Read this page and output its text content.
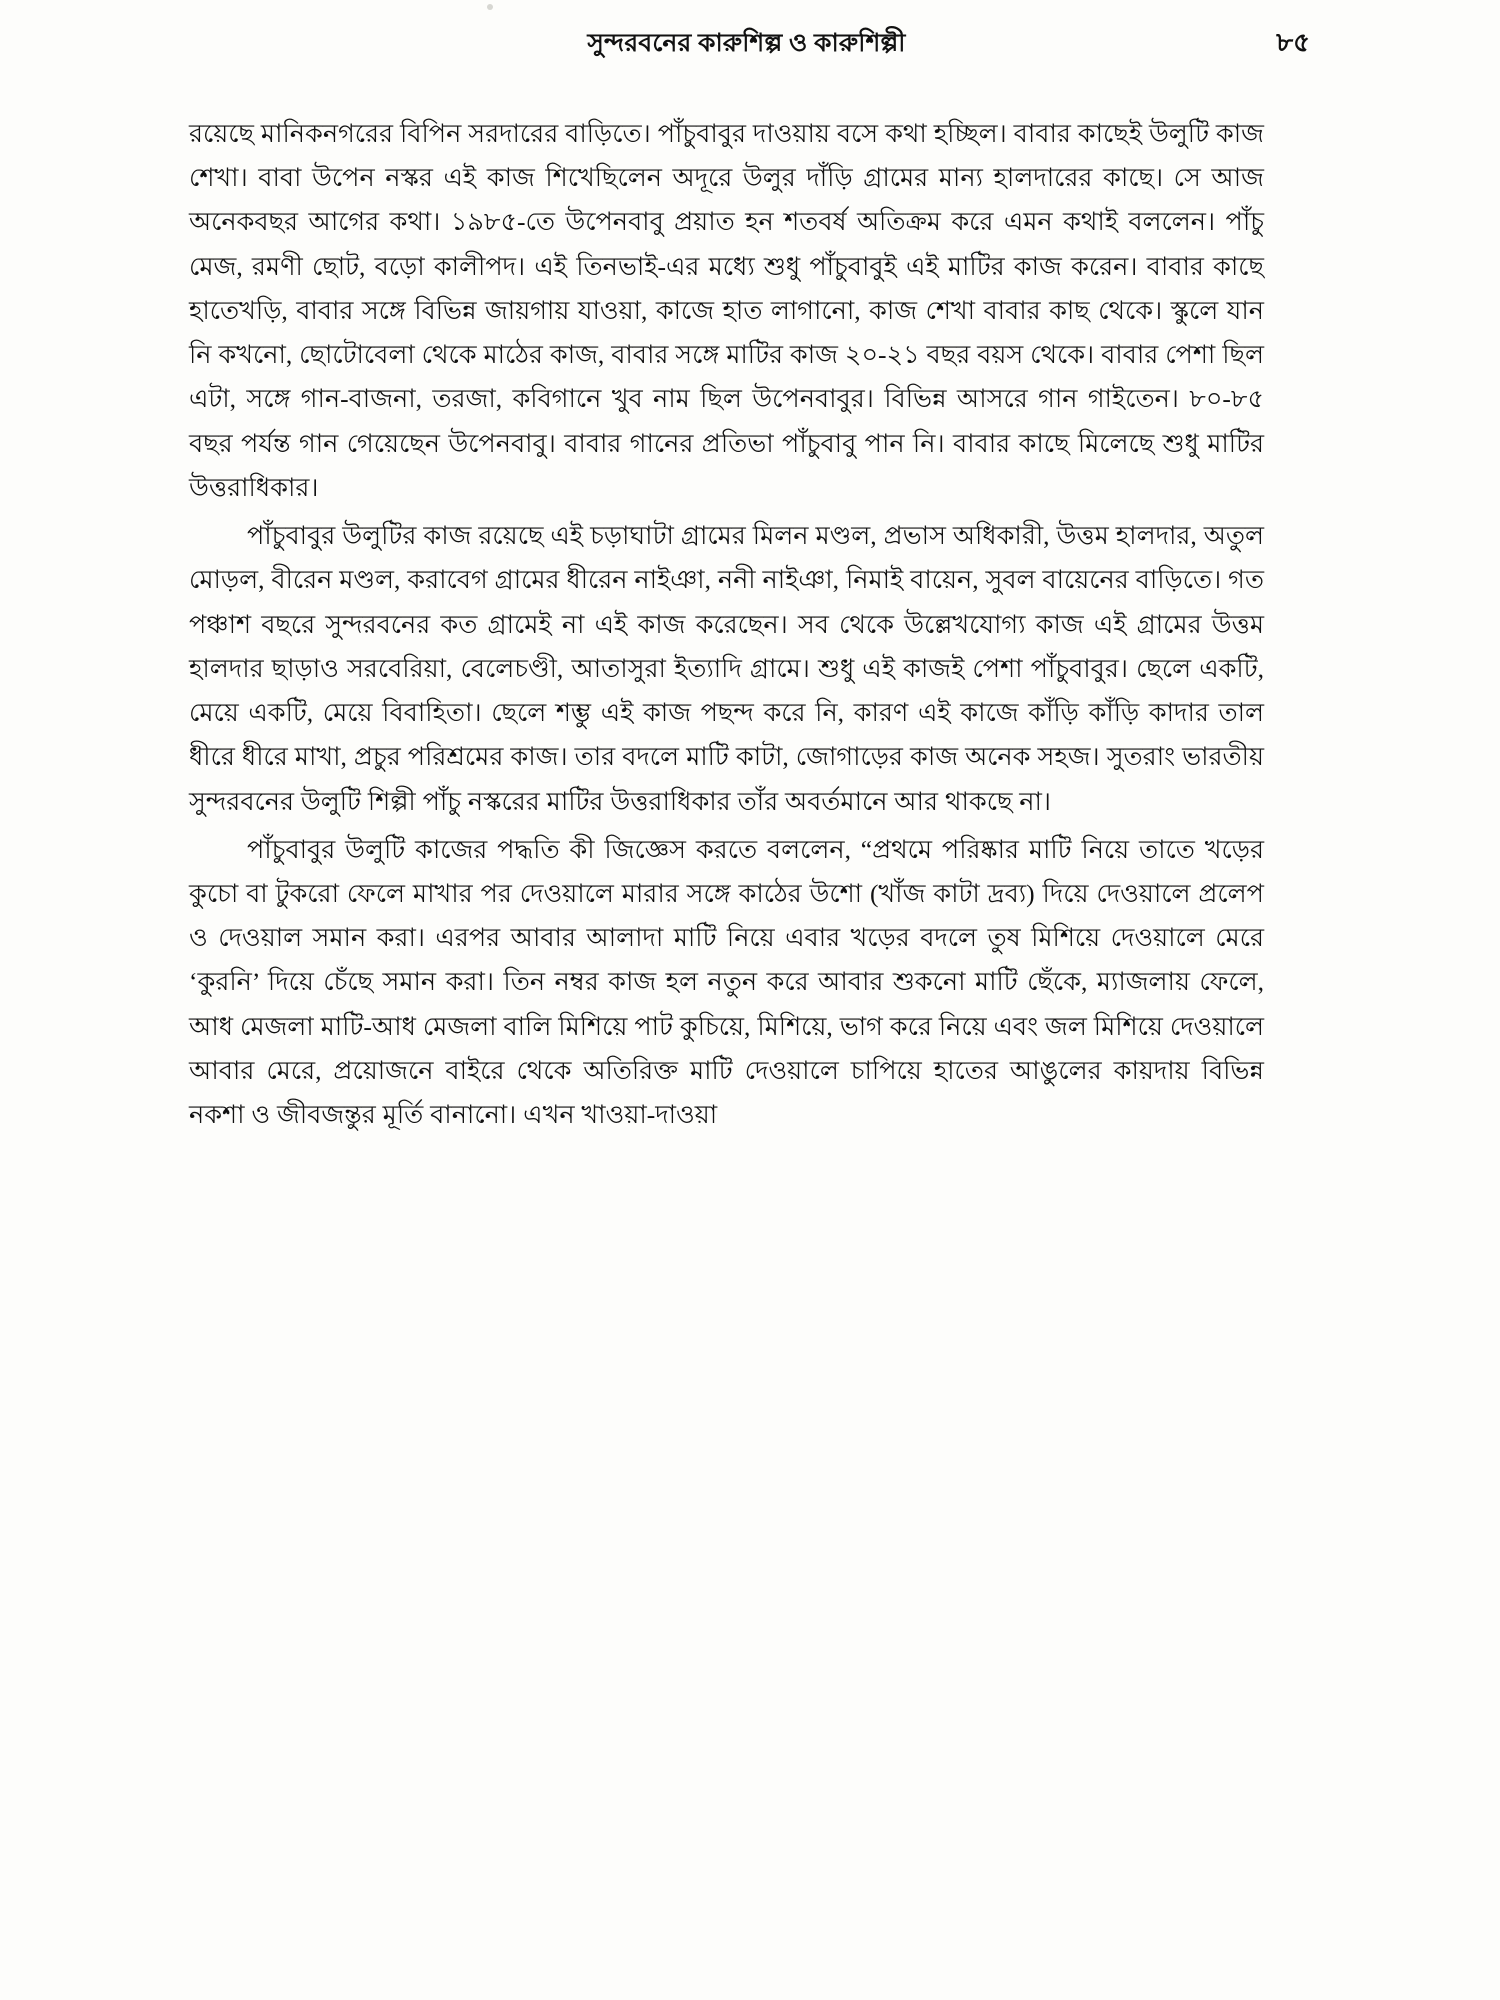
সুন্দরবনের কারুশিল্প ও কারুশিল্পী	৮৫

রয়েছে মানিকনগরের বিপিন সরদারের বাড়িতে। পাঁচুবাবুর দাওয়ায় বসে কথা হচ্ছিল। বাবার কাছেই উলুটি কাজ শেখা। বাবা উপেন নস্কর এই কাজ শিখেছিলেন অদূরে উলুর দাঁড়ি গ্রামের মান্য হালদারের কাছে। সে আজ অনেকবছর আগের কথা। ১৯৮৫-তে উপেনবাবু প্রয়াত হন শতবর্ষ অতিক্রম করে এমন কথাই বললেন। পাঁচু মেজ, রমণী ছোট, বড়ো কালীপদ। এই তিনভাই-এর মধ্যে শুধু পাঁচুবাবুই এই মাটির কাজ করেন। বাবার কাছে হাতেখড়ি, বাবার সঙ্গে বিভিন্ন জায়গায় যাওয়া, কাজে হাত লাগানো, কাজ শেখা বাবার কাছ থেকে। স্কুলে যান নি কখনো, ছোটোবেলা থেকে মাঠের কাজ, বাবার সঙ্গে মাটির কাজ ২০-২১ বছর বয়স থেকে। বাবার পেশা ছিল এটা, সঙ্গে গান-বাজনা, তরজা, কবিগানে খুব নাম ছিল উপেনবাবুর। বিভিন্ন আসরে গান গাইতেন। ৮০-৮৫ বছর পর্যন্ত গান গেয়েছেন উপেনবাবু। বাবার গানের প্রতিভা পাঁচুবাবু পান নি। বাবার কাছে মিলেছে শুধু মাটির উত্তরাধিকার।

পাঁচুবাবুর উলুটির কাজ রয়েছে এই চড়াঘাটা গ্রামের মিলন মণ্ডল, প্রভাস অধিকারী, উত্তম হালদার, অতুল মোড়ল, বীরেন মণ্ডল, করাবেগ গ্রামের ধীরেন নাইঞা, ননী নাইঞা, নিমাই বায়েন, সুবল বায়েনের বাড়িতে। গত পঞ্চাশ বছরে সুন্দরবনের কত গ্রামেই না এই কাজ করেছেন। সব থেকে উল্লেখযোগ্য কাজ এই গ্রামের উত্তম হালদার ছাড়াও সরবেরিয়া, বেলেচণ্ডী, আতাসুরা ইত্যাদি গ্রামে। শুধু এই কাজই পেশা পাঁচুবাবুর। ছেলে একটি, মেয়ে একটি, মেয়ে বিবাহিতা। ছেলে শম্ভু এই কাজ পছন্দ করে নি, কারণ এই কাজে কাঁড়ি কাঁড়ি কাদার তাল ধীরে ধীরে মাখা, প্রচুর পরিশ্রমের কাজ। তার বদলে মাটি কাটা, জোগাড়ের কাজ অনেক সহজ। সুতরাং ভারতীয় সুন্দরবনের উলুটি শিল্পী পাঁচু নস্করের মাটির উত্তরাধিকার তাঁর অবর্তমানে আর থাকছে না।

পাঁচুবাবুর উলুটি কাজের পদ্ধতি কী জিজ্ঞেস করতে বললেন, “প্রথমে পরিষ্কার মাটি নিয়ে তাতে খড়ের কুচো বা টুকরো ফেলে মাখার পর দেওয়ালে মারার সঙ্গে কাঠের উশো (খাঁজ কাটা দ্রব্য) দিয়ে দেওয়ালে প্রলেপ ও দেওয়াল সমান করা। এরপর আবার আলাদা মাটি নিয়ে এবার খড়ের বদলে তুষ মিশিয়ে দেওয়ালে মেরে ‘কুরনি’ দিয়ে চেঁছে সমান করা। তিন নম্বর কাজ হল নতুন করে আবার শুকনো মাটি ছেঁকে, ম্যাজলায় ফেলে, আধ মেজলা মাটি-আধ মেজলা বালি মিশিয়ে পাট কুচিয়ে, মিশিয়ে, ভাগ করে নিয়ে এবং জল মিশিয়ে দেওয়ালে আবার মেরে, প্রয়োজনে বাইরে থেকে অতিরিক্ত মাটি দেওয়ালে চাপিয়ে হাতের আঙুলের কায়দায় বিভিন্ন নকশা ও জীবজন্তুর মূর্তি বানানো। এখন খাওয়া-দাওয়া
